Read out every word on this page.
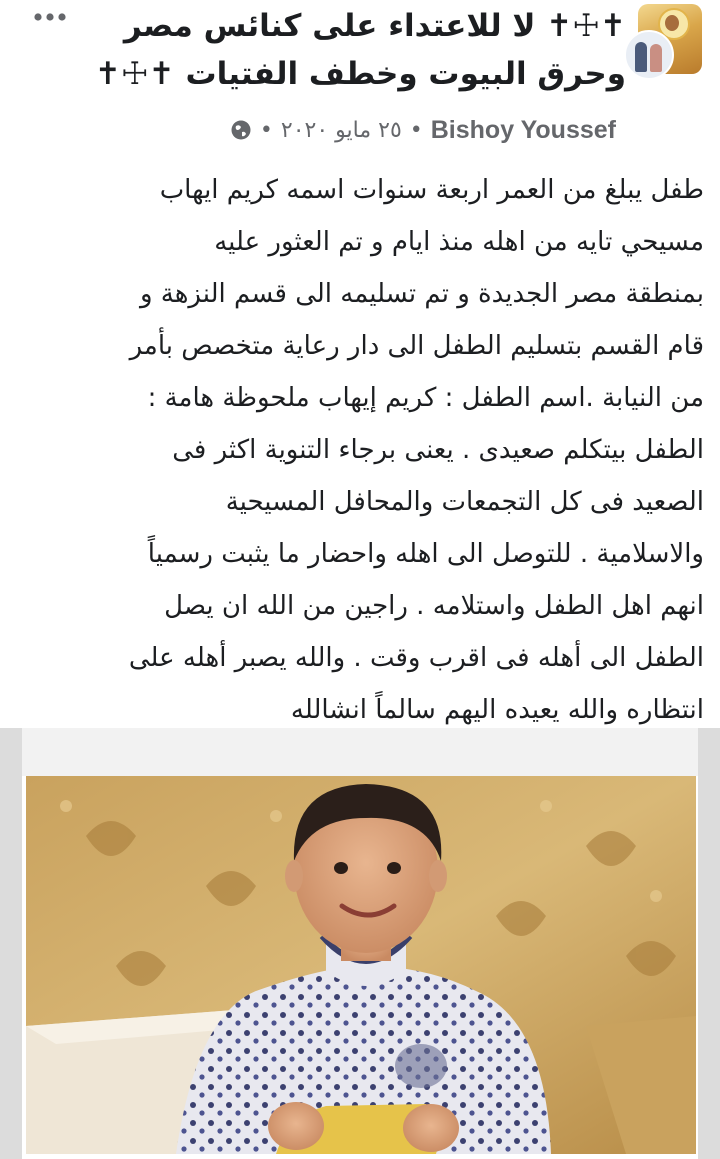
✝☩✝ لا للاعتداء على كنائس مصر وحرق البيوت وخطف الفتيات ✝☩✝
Bishoy Youssef
•
٢٥ مايو ٢٠٢٠
•
طفل يبلغ من العمر اربعة سنوات اسمه كريم ايهاب
مسيحي تايه من اهله منذ ايام و تم العثور عليه
بمنطقة مصر الجديدة و تم تسليمه الى قسم النزهة و
قام القسم بتسليم الطفل الى دار رعاية متخصص بأمر
من النيابة .اسم الطفل : كريم إيهاب ملحوظة هامة :
الطفل بيتكلم صعيدى . يعنى برجاء التنوية اكثر فى
الصعيد فى كل التجمعات والمحافل المسيحية
والاسلامية . للتوصل الى اهله واحضار ما يثبت رسمياً
انهم اهل الطفل واستلامه . راجين من الله ان يصل
الطفل الى أهله فى اقرب وقت . والله يصبر أهله على
انتظاره والله يعيده اليهم سالماً انشالله
